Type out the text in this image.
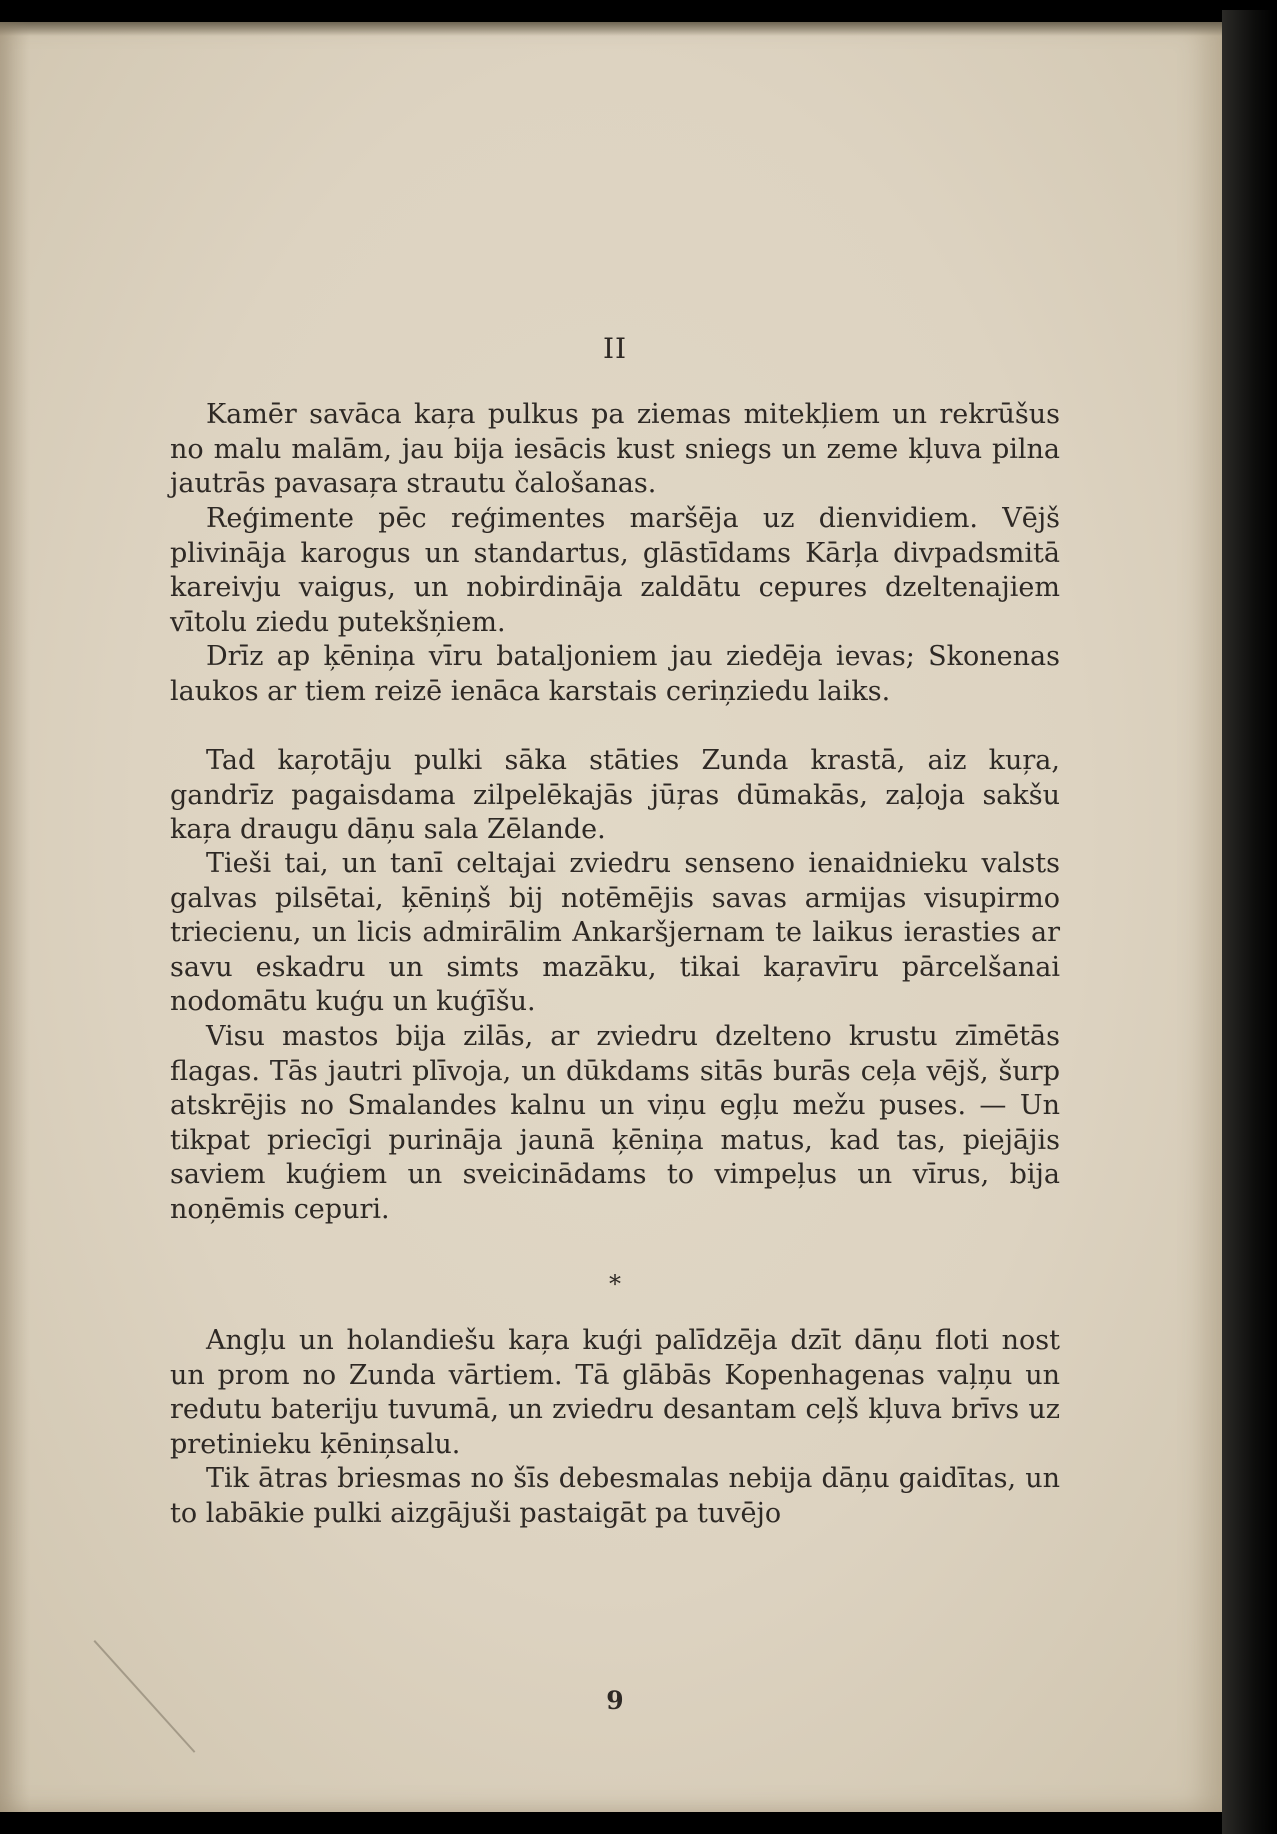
II

Kamēr savāca kaŗa pulkus pa ziemas mitekļiem un rekrūšus no malu malām, jau bija iesācis kust sniegs un zeme kļuva pilna jautrās pavasaŗa strautu čalošanas.

Reģimente pēc reģimentes maršēja uz dienvidiem. Vējš plivināja karogus un standartus, glāstīdams Kārļa divpadsmitā kareivju vaigus, un nobirdināja zaldātu cepures dzeltenajiem vītolu ziedu putekšņiem.

Drīz ap ķēniņa vīru bataljoniem jau ziedēja ievas; Skonenas laukos ar tiem reizē ienāca karstais ceriņziedu laiks.

Tad kaŗotāju pulki sāka stāties Zunda krastā, aiz kuŗa, gandrīz pagaisdama zilpelēkajās jūŗas dūmakās, zaļoja sakšu kaŗa draugu dāņu sala Zēlande.

Tieši tai, un tanī celtajai zviedru senseno ienaidnieku valsts galvas pilsētai, ķēniņš bij notēmējis savas armijas visupirmo triecienu, un licis admirālim Ankaršjernam te laikus ierasties ar savu eskadru un simts mazāku, tikai kaŗavīru pārcelšanai nodomātu kuģu un kuģīšu.

Visu mastos bija zilās, ar zviedru dzelteno krustu zīmētās flagas. Tās jautri plīvoja, un dūkdams sitās burās ceļa vējš, šurp atskrējis no Smalandes kalnu un viņu egļu mežu puses. — Un tikpat priecīgi purināja jaunā ķēniņa matus, kad tas, piejājis saviem kuģiem un sveicinādams to vimpeļus un vīrus, bija noņēmis cepuri.

*

Angļu un holandiešu kaŗa kuģi palīdzēja dzīt dāņu floti nost un prom no Zunda vārtiem. Tā glābās Kopenhagenas vaļņu un redutu bateriju tuvumā, un zviedru desantam ceļš kļuva brīvs uz pretinieku ķēniņsalu.

Tik ātras briesmas no šīs debesmalas nebija dāņu gaidītas, un to labākie pulki aizgājuši pastaigāt pa tuvējo

9
